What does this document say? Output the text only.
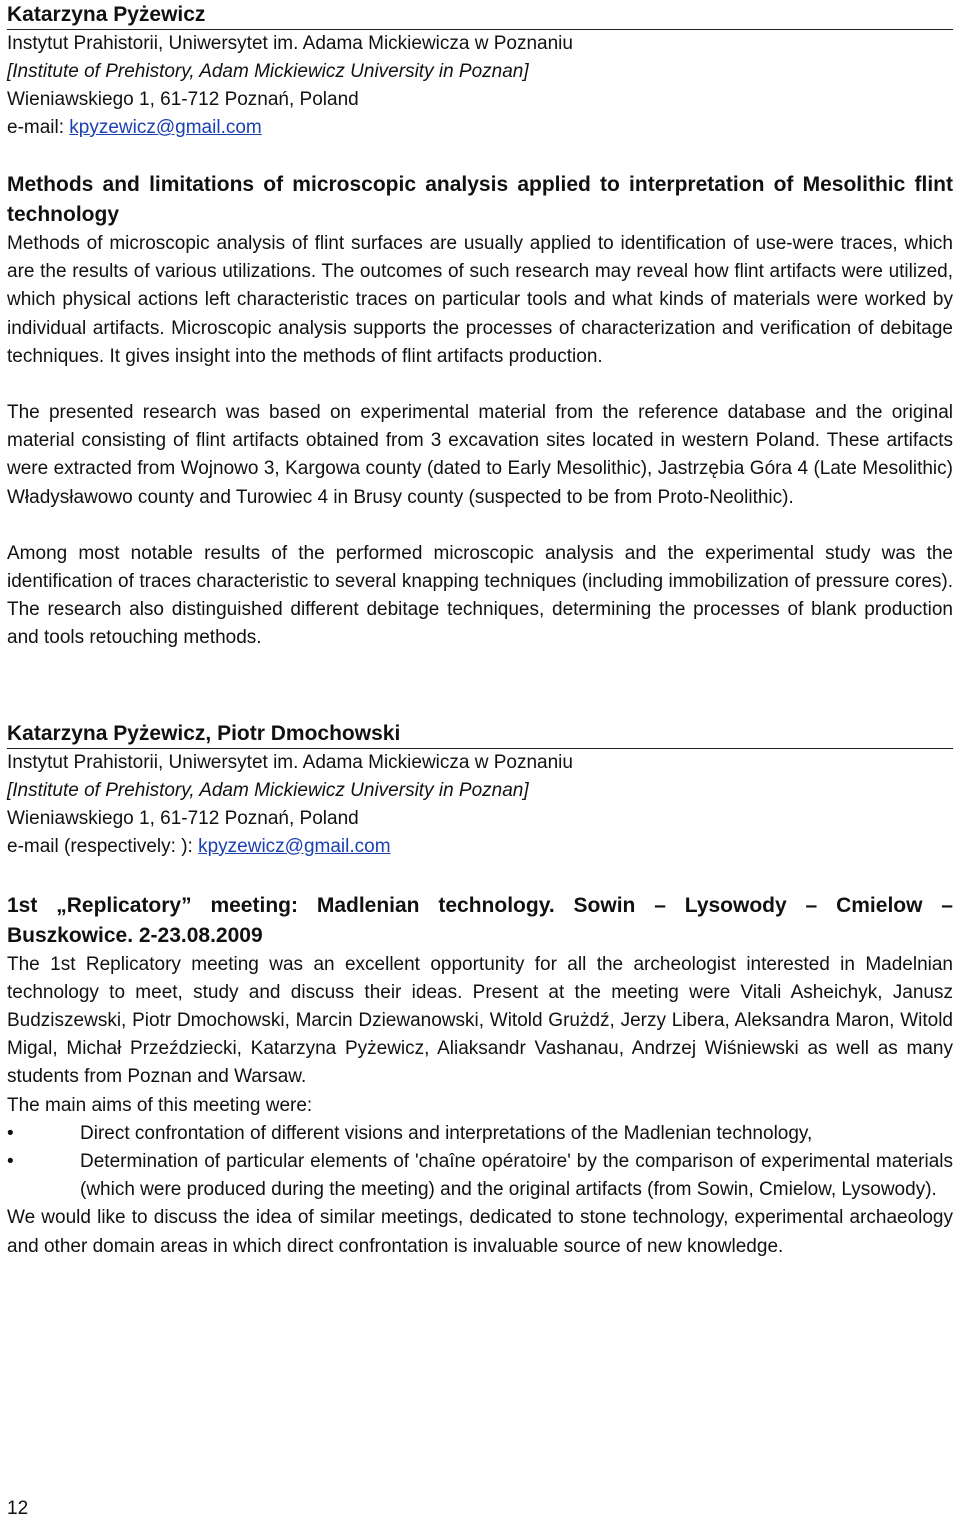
Katarzyna Pyżewicz
Instytut Prahistorii, Uniwersytet im. Adama Mickiewicza w Poznaniu
[Institute of Prehistory, Adam Mickiewicz University in Poznan]
Wieniawskiego 1, 61-712 Poznań, Poland
e-mail: kpyzewicz@gmail.com
Methods and limitations of microscopic analysis applied to interpretation of Mesolithic flint technology

Methods of microscopic analysis of flint surfaces are usually applied to identification of use-were traces, which are the results of various utilizations. The outcomes of such research may reveal how flint artifacts were utilized, which physical actions left characteristic traces on particular tools and what kinds of materials were worked by individual artifacts. Microscopic analysis supports the processes of characterization and verification of debitage techniques. It gives insight into the methods of flint artifacts production.

The presented research was based on experimental material from the reference database and the original material consisting of flint artifacts obtained from 3 excavation sites located in western Poland. These artifacts were extracted from Wojnowo 3, Kargowa county (dated to Early Mesolithic), Jastrzębia Góra 4 (Late Mesolithic) Władysławowo county and Turowiec 4 in Brusy county (suspected to be from Proto-Neolithic).

Among most notable results of the performed microscopic analysis and the experimental study was the identification of traces characteristic to several knapping techniques (including immobilization of pressure cores). The research also distinguished different debitage techniques, determining the processes of blank production and tools retouching methods.

Katarzyna Pyżewicz, Piotr Dmochowski
Instytut Prahistorii, Uniwersytet im. Adama Mickiewicza w Poznaniu
[Institute of Prehistory, Adam Mickiewicz University in Poznan]
Wieniawskiego 1, 61-712 Poznań, Poland
e-mail (respectively: ): kpyzewicz@gmail.com
1st „Replicatory” meeting: Madlenian technology. Sowin – Lysowody – Cmielow – Buszkowice. 2-23.08.2009

The 1st Replicatory meeting was an excellent opportunity for all the archeologist interested in Madelnian technology to meet, study and discuss their ideas. Present at the meeting were Vitali Asheichyk, Janusz Budziszewski, Piotr Dmochowski, Marcin Dziewanowski, Witold Grużdź, Jerzy Libera, Aleksandra Maron, Witold Migal, Michał Przeździecki, Katarzyna Pyżewicz, Aliaksandr Vashanau, Andrzej Wiśniewski as well as many students from Poznan and Warsaw.

The main aims of this meeting were:

•	Direct confrontation of different visions and interpretations of the Madlenian technology,
•	Determination of particular elements of 'chaîne opératoire' by the comparison of experimental materials (which were produced during the meeting) and the original artifacts (from Sowin, Cmielow, Lysowody).

We would like to discuss the idea of similar meetings, dedicated to stone technology, experimental archaeology and other domain areas in which direct confrontation is invaluable source of new knowledge.

12
